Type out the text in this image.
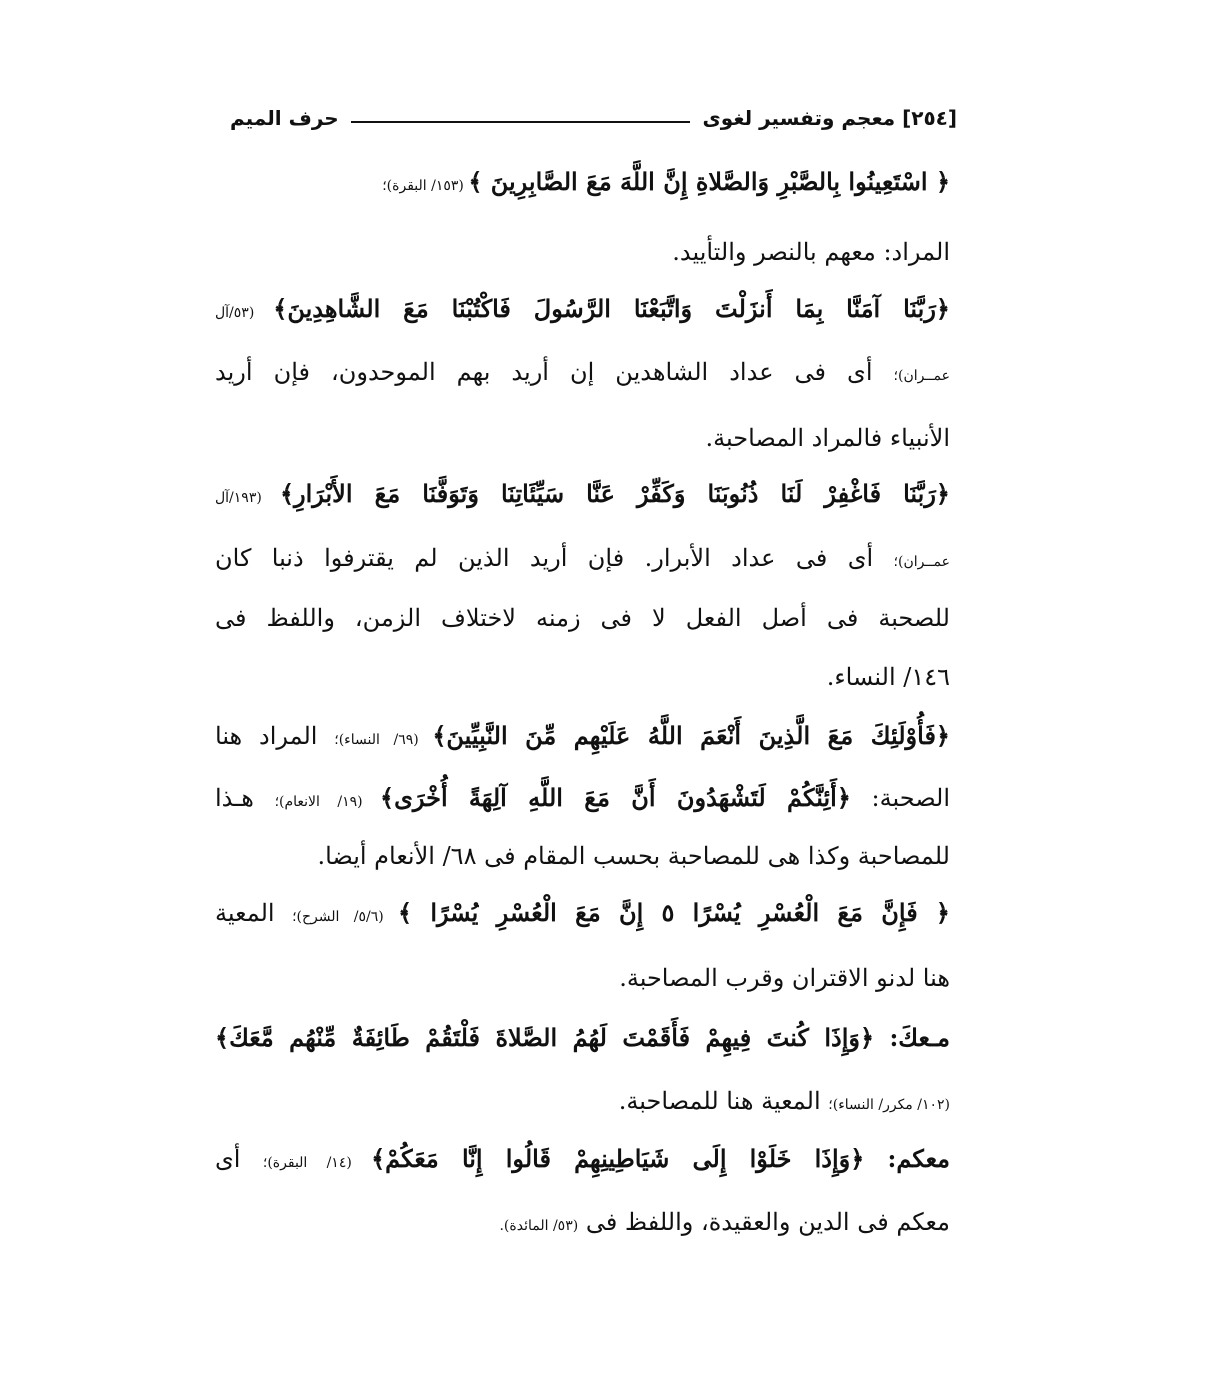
[٢٥٤] معجم وتفسير لغوى
حرف الميم
﴿ اسْتَعِينُوا بِالصَّبْرِ وَالصَّلاةِ إِنَّ اللَّهَ مَعَ الصَّابِرِينَ ﴾ (١٥٣/ البقرة)؛
المراد: معهم بالنصر والتأييد.
﴿رَبَّنَا آمَنَّا بِمَا أَنزَلْتَ وَاتَّبَعْنَا الرَّسُولَ فَاكْتُبْنَا مَعَ الشَّاهِدِينَ﴾ (٥٣/آل
عمــران)؛ أى فى عداد الشاهدين إن أريد بهم الموحدون، فإن أريد
الأنبياء فالمراد المصاحبة.
﴿رَبَّنَا فَاغْفِرْ لَنَا ذُنُوبَنَا وَكَفِّرْ عَنَّا سَيِّئَاتِنَا وَتَوَفَّنَا مَعَ الأَبْرَارِ﴾ (١٩٣/آل
عمــران)؛ أى فى عداد الأبرار. فإن أريد الذين لم يقترفوا ذنبا كان
للصحبة فى أصل الفعل لا فى زمنه لاختلاف الزمن، واللفظ فى
١٤٦/ النساء.
﴿فَأُوْلَئِكَ مَعَ الَّذِينَ أَنْعَمَ اللَّهُ عَلَيْهِم مِّنَ النَّبِيِّينَ﴾ (٦٩/ النساء)؛ المراد هنا
الصحبة: ﴿أَئِنَّكُمْ لَتَشْهَدُونَ أَنَّ مَعَ اللَّهِ آلِهَةً أُخْرَى﴾ (١٩/ الانعام)؛ هـذا
للمصاحبة وكذا هى للمصاحبة بحسب المقام فى ٦٨/ الأنعام أيضا.
﴿ فَإِنَّ مَعَ الْعُسْرِ يُسْرًا ٥ إِنَّ مَعَ الْعُسْرِ يُسْرًا ﴾ (٥/٦/ الشرح)؛ المعية
هنا لدنو الاقتران وقرب المصاحبة.
مـعكَ: ﴿وَإِذَا كُنتَ فِيهِمْ فَأَقَمْتَ لَهُمُ الصَّلاةَ فَلْتَقُمْ طَائِفَةٌ مِّنْهُم مَّعَكَ﴾
(١٠٢/ مكرر/ النساء)؛ المعية هنا للمصاحبة.
معكم: ﴿وَإِذَا خَلَوْا إِلَى شَيَاطِينِهِمْ قَالُوا إِنَّا مَعَكُمْ﴾ (١٤/ البقرة)؛ أى
معكم فى الدين والعقيدة، واللفظ فى (٥٣/ المائدة).
